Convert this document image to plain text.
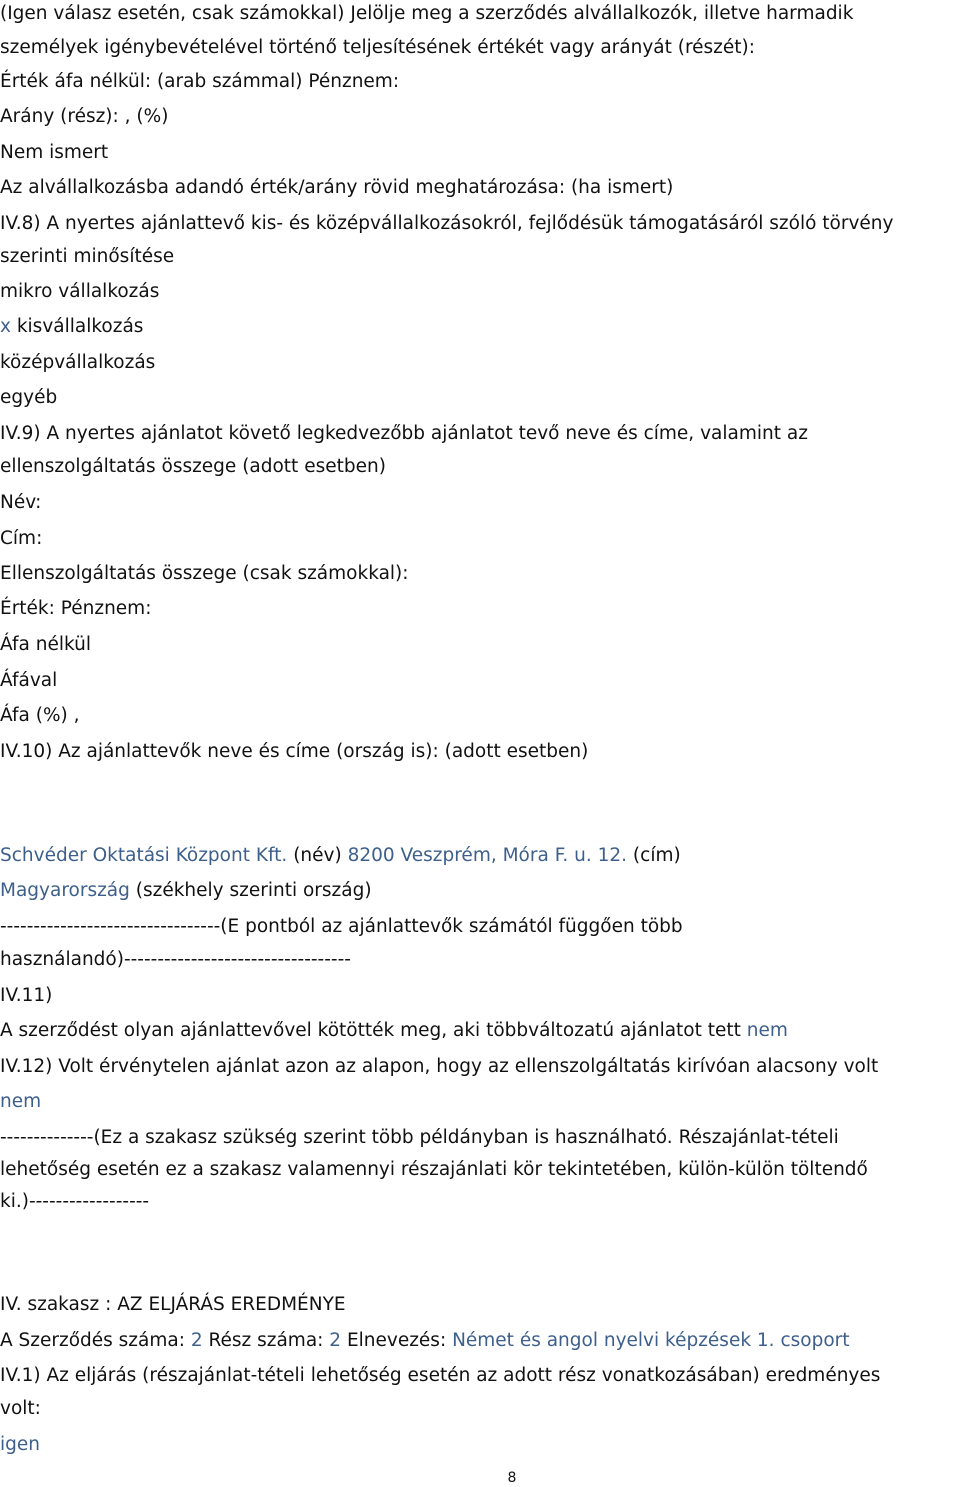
(Igen válasz esetén, csak számokkal) Jelölje meg a szerződés alvállalkozók, illetve harmadik
személyek igénybevételével történő teljesítésének értékét vagy arányát (részét):
Érték áfa nélkül: (arab számmal) Pénznem:
Arány (rész): , (%)
Nem ismert
Az alvállalkozásba adandó érték/arány rövid meghatározása: (ha ismert)
IV.8) A nyertes ajánlattevő kis- és középvállalkozásokról, fejlődésük támogatásáról szóló törvény
szerinti minősítése
mikro vállalkozás
x kisvállalkozás
középvállalkozás
egyéb
IV.9) A nyertes ajánlatot követő legkedvezőbb ajánlatot tevő neve és címe, valamint az
ellenszolgáltatás összege (adott esetben)
Név:
Cím:
Ellenszolgáltatás összege (csak számokkal):
Érték: Pénznem:
Áfa nélkül
Áfával
Áfa (%) ,
IV.10) Az ajánlattevők neve és címe (ország is): (adott esetben)
Schvéder Oktatási Központ Kft. (név) 8200 Veszprém, Móra F. u. 12. (cím)
Magyarország (székhely szerinti ország)
---------------------------------(E pontból az ajánlattevők számától függően több
használandó)----------------------------------
IV.11)
A szerződést olyan ajánlattevővel kötötték meg, aki többváltozatú ajánlatot tett nem
IV.12) Volt érvénytelen ajánlat azon az alapon, hogy az ellenszolgáltatás kirívóan alacsony volt
nem
--------------(Ez a szakasz szükség szerint több példányban is használható. Részajánlat-tételi
lehetőség esetén ez a szakasz valamennyi részajánlati kör tekintetében, külön-külön töltendő
ki.)------------------
IV. szakasz : AZ ELJÁRÁS EREDMÉNYE
A Szerződés száma: 2 Rész száma: 2 Elnevezés: Német és angol nyelvi képzések 1. csoport
IV.1) Az eljárás (részajánlat-tételi lehetőség esetén az adott rész vonatkozásában) eredményes
volt:
igen
8
